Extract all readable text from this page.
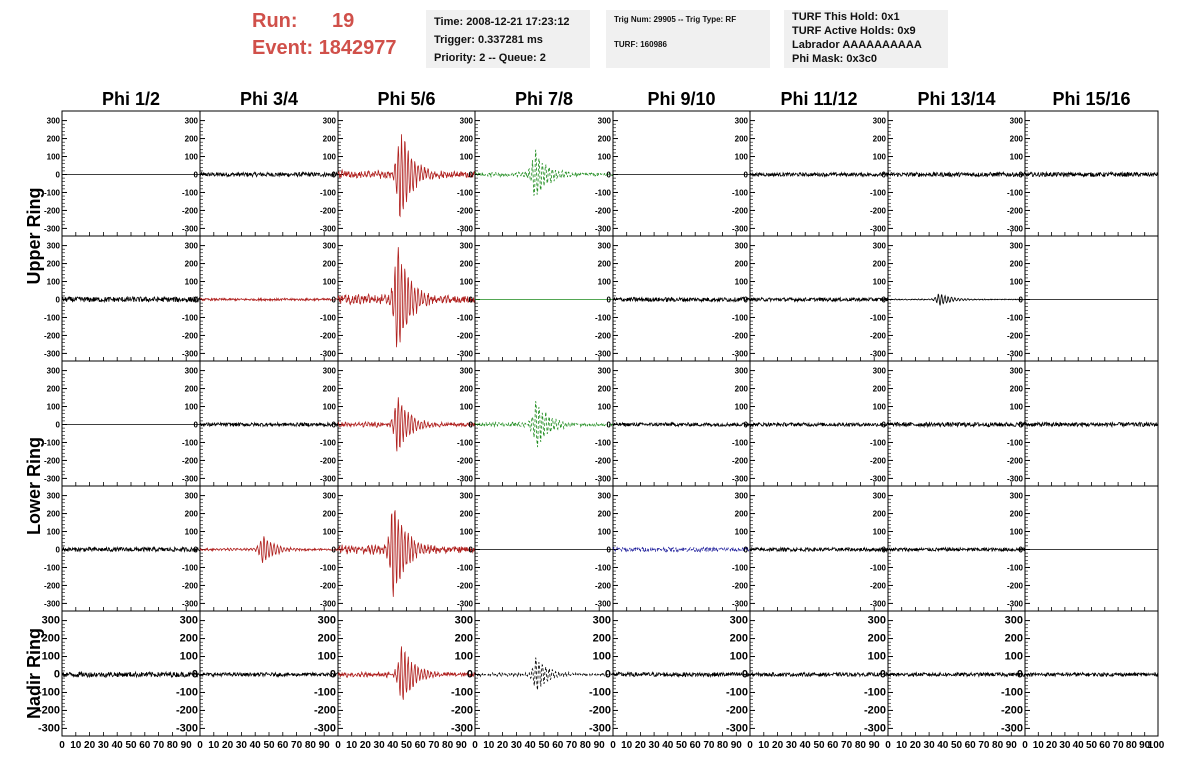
Run: 19
Event: 1842977
Time: 2008-12-21 17:23:12
Trigger: 0.337281 ms
Priority: 2 -- Queue: 2
Trig Num: 29905 -- Trig Type: RF
TURF: 160986
TURF This Hold: 0x1
TURF Active Holds: 0x9
Labrador AAAAAAAAAA
Phi Mask: 0x3c0
Phi 1/2	Phi 3/4	Phi 5/6	Phi 7/8	Phi 9/10	Phi 11/12	Phi 13/14	Phi 15/16
Upper Ring
Lower Ring
Nadir Ring
-300
-200
-100
0
100
200
300
-300
-200
-100
0
100
200
300
-300
-200
-100
0
100
200
300
-300
-200
-100
0
100
200
300
-300
-200
-100
0
100
200
300
-300
-200
-100
0
100
200
300
-300
-200
-100
0
100
200
300
-300
-200
-100
0
100
200
300
-300
-200
-100
0
100
200
300
-300
-200
-100
0
100
200
300
-300
-200
-100
0
100
200
300
-300
-200
-100
0
100
200
300
-300
-200
-100
0
100
200
300
-300
-200
-100
0
100
200
300
-300
-200
-100
0
100
200
300
-300
-200
-100
0
100
200
300
-300
-200
-100
0
100
200
300
-300
-200
-100
0
100
200
300
-300
-200
-100
0
100
200
300
-300
-200
-100
0
100
200
300
-300
-200
-100
0
100
200
300
-300
-200
-100
0
100
200
300
-300
-200
-100
0
100
200
300
-300
-200
-100
0
100
200
300
-300
-200
-100
0
100
200
300
-300
-200
-100
0
100
200
300
-300
-200
-100
0
100
200
300
-300
-200
-100
0
100
200
300
-300
-200
-100
0
100
200
300
-300
-200
-100
0
100
200
300
-300
-200
-100
0
100
200
300
-300
-200
-100
0
100
200
300
-300
-200
-100
0
100
200
300
-300
-200
-100
0
100
200
300
-300
-200
-100
0
100
200
300
-300
-200
-100
0
100
200
300
-300
-200
-100
0
100
200
300
-300
-200
-100
0
100
200
300
-300
-200
-100
0
100
200
300
-300
-200
-100
0
100
200
300
0 10 20 30 40 50 60 70 80 90 0 10 20 30 40 50 60 70 80 90 0 10 20 30 40 50 60 70 80 90 0 10 20 30 40 50 60 70 80 90 0 10 20 30 40 50 60 70 80 90 0 10 20 30 40 50 60 70 80 90 0 10 20 30 40 50 60 70 80 90 0 10 20 30 40 50 60 70 80 90
100
